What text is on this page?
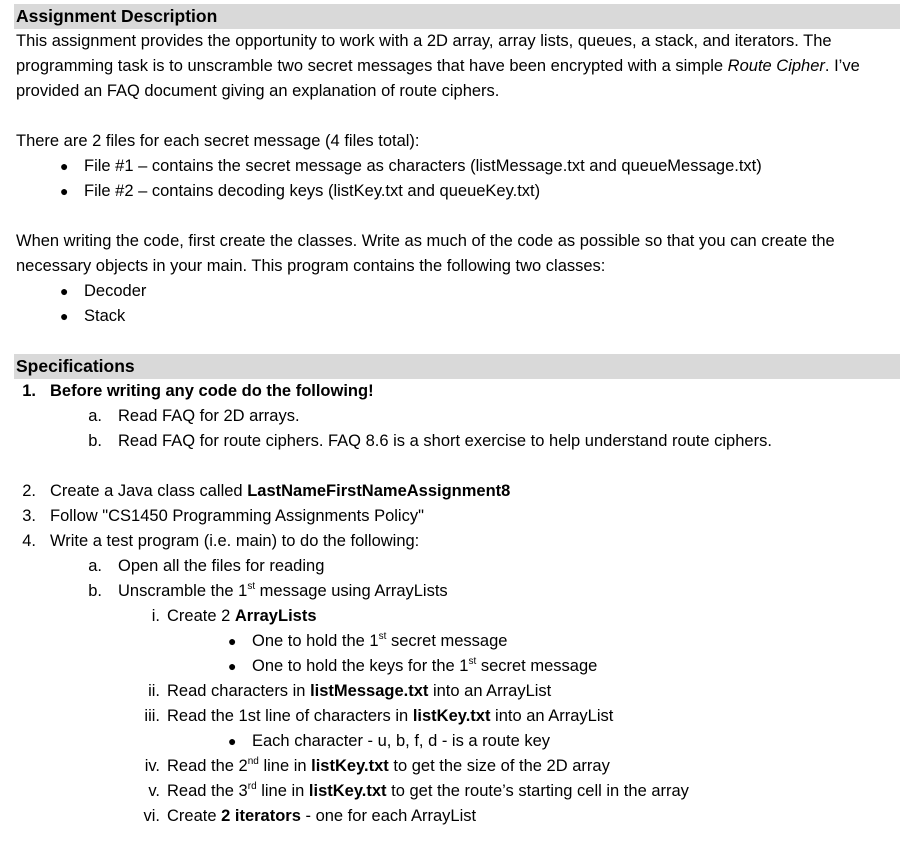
Assignment Description

This assignment provides the opportunity to work with a 2D array, array lists, queues, a stack, and iterators. The programming task is to unscramble two secret messages that have been encrypted with a simple Route Cipher. I’ve provided an FAQ document giving an explanation of route ciphers.

There are 2 files for each secret message (4 files total):

● File #1 – contains the secret message as characters (listMessage.txt and queueMessage.txt)
● File #2 – contains decoding keys (listKey.txt and queueKey.txt)

When writing the code, first create the classes. Write as much of the code as possible so that you can create the necessary objects in your main. This program contains the following two classes:

● Decoder
● Stack
Specifications
1. Before writing any code do the following!
a. Read FAQ for 2D arrays.
b. Read FAQ for route ciphers. FAQ 8.6 is a short exercise to help understand route ciphers.
2. Create a Java class called LastNameFirstNameAssignment8
3. Follow "CS1450 Programming Assignments Policy"
4. Write a test program (i.e. main) to do the following:
a. Open all the files for reading
b. Unscramble the 1st message using ArrayLists
i. Create 2 ArrayLists
● One to hold the 1st secret message
● One to hold the keys for the 1st secret message
ii. Read characters in listMessage.txt into an ArrayList
iii. Read the 1st line of characters in listKey.txt into an ArrayList
● Each character - u, b, f, d - is a route key
iv. Read the 2nd line in listKey.txt to get the size of the 2D array
v. Read the 3rd line in listKey.txt to get the route’s starting cell in the array
vi. Create 2 iterators - one for each ArrayList
